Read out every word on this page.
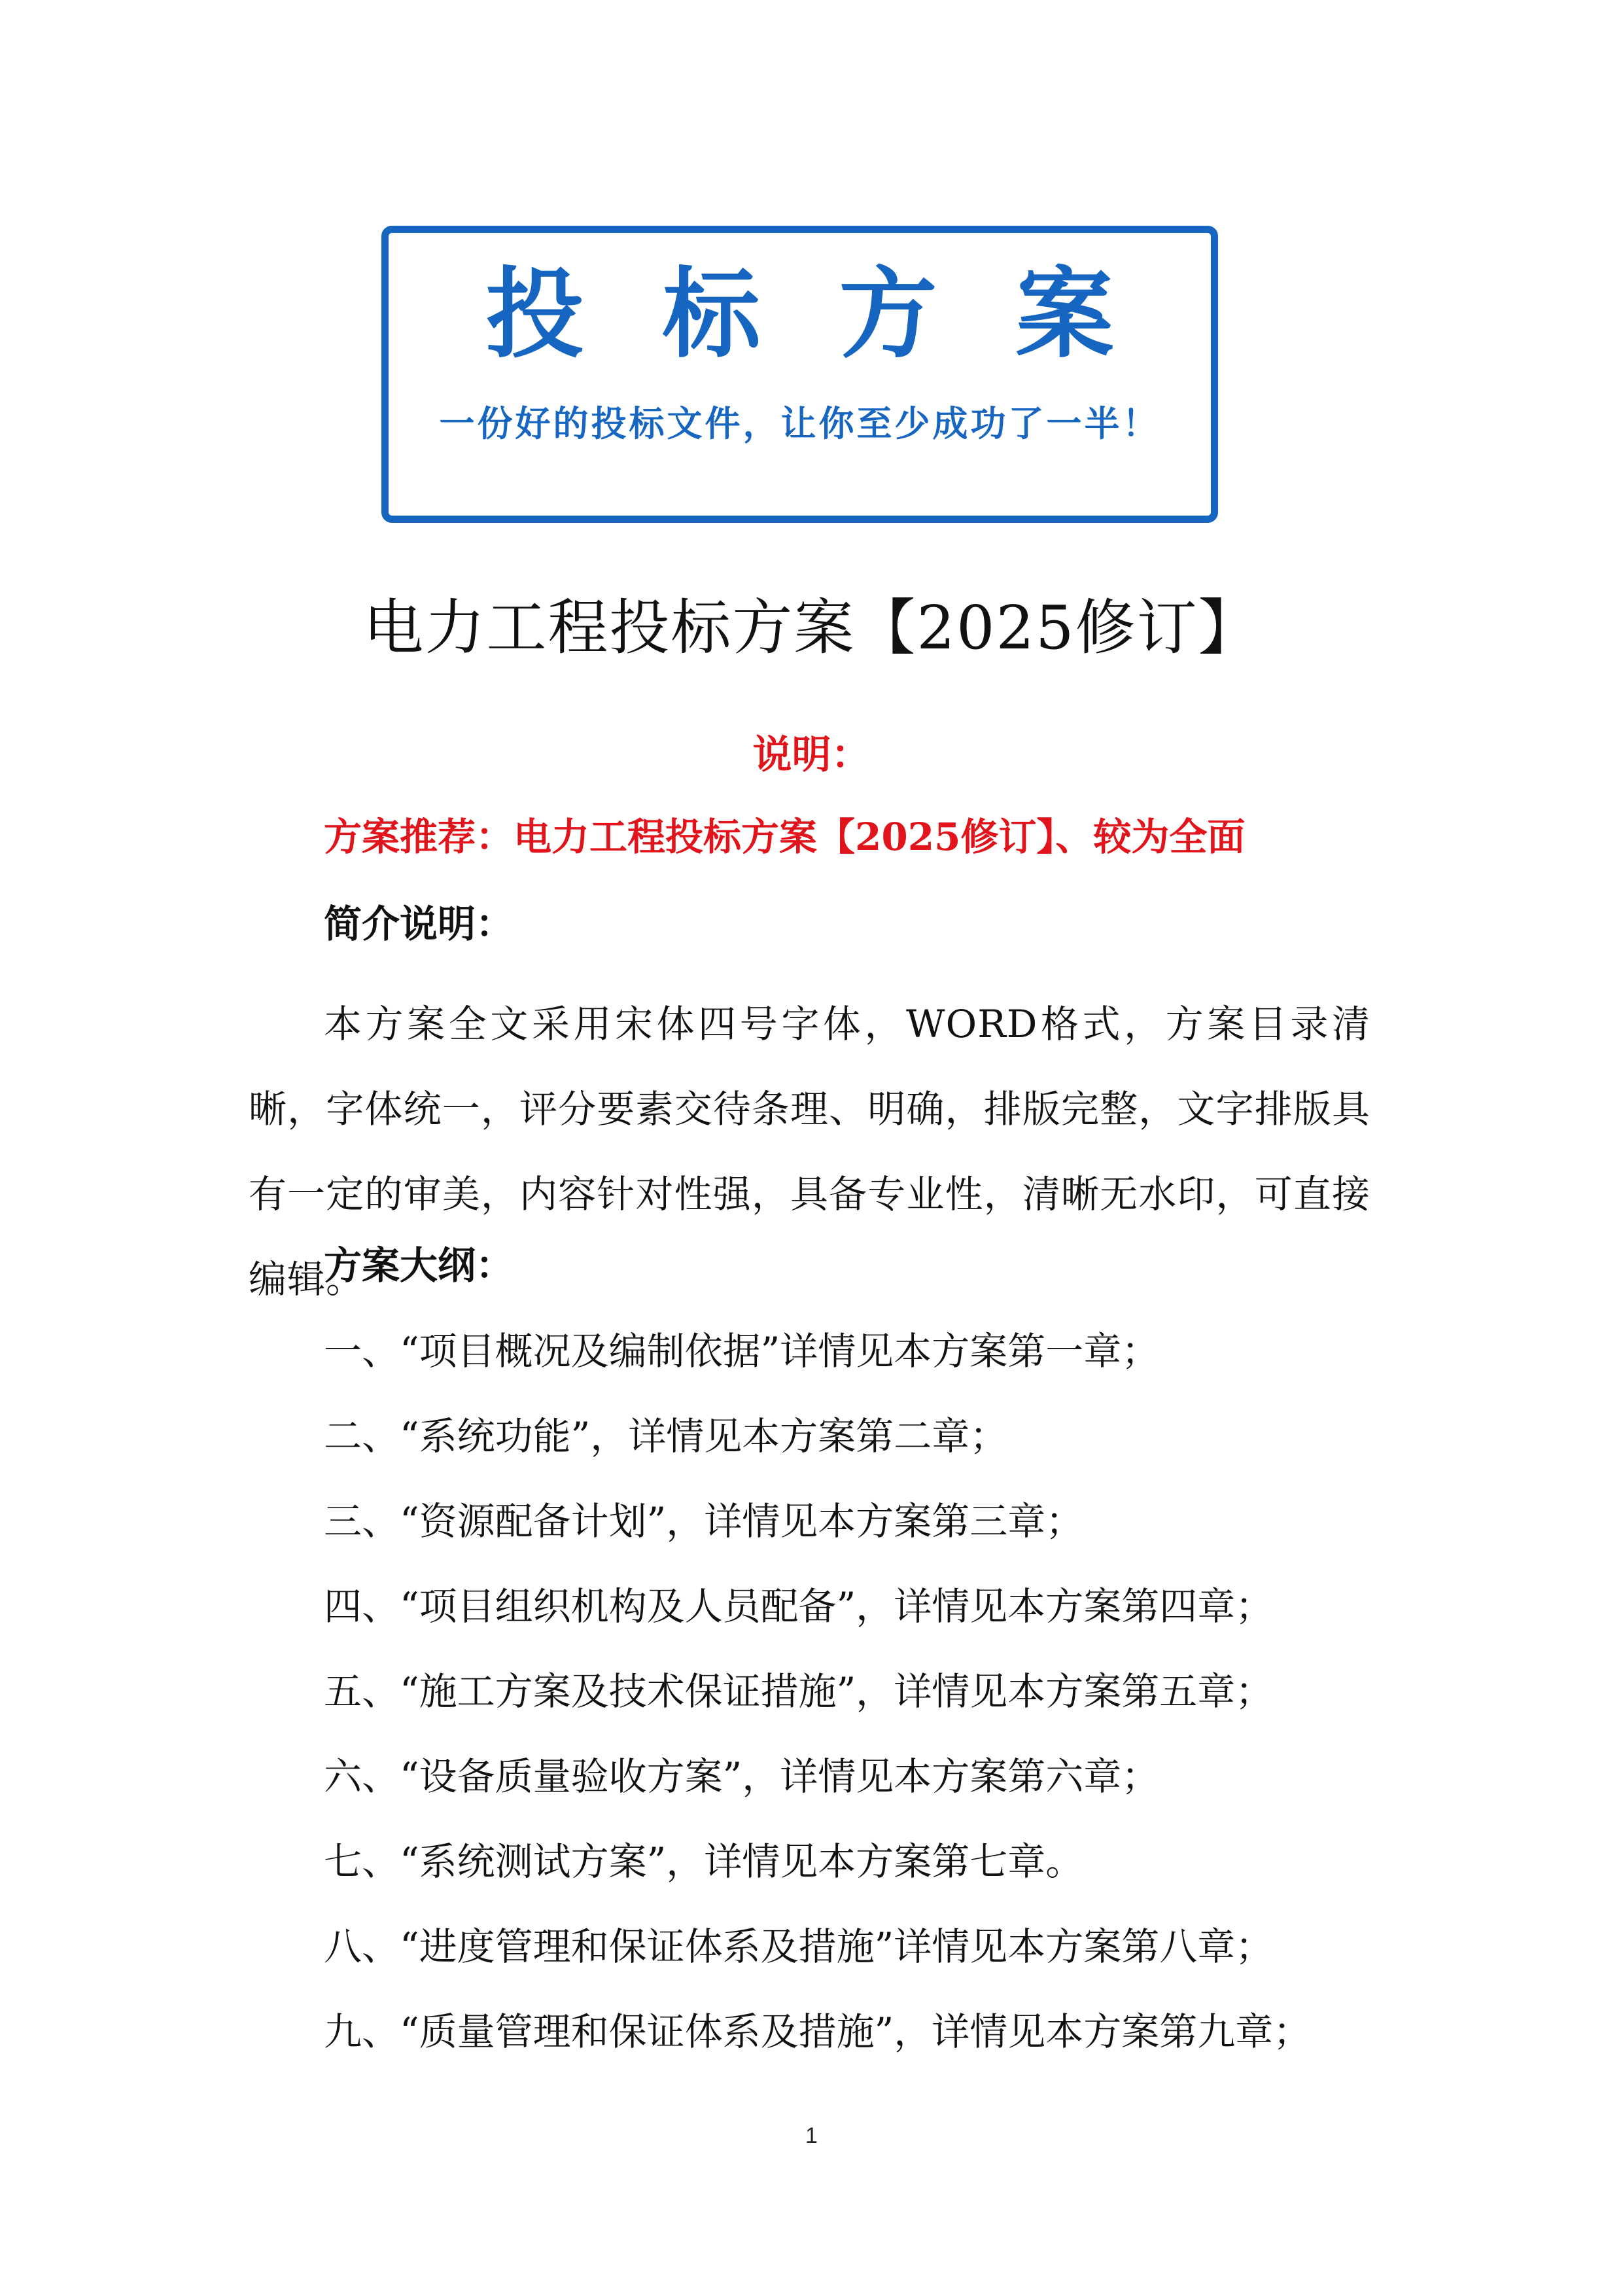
投标方案
一份好的投标文件，让你至少成功了一半！
电力工程投标方案【2025修订】
说明：
方案推荐：电力工程投标方案【2025修订】、较为全面
简介说明：
本方案全文采用宋体四号字体，WORD格式，方案目录清晰，字体统一，评分要素交待条理、明确，排版完整，文字排版具有一定的审美，内容针对性强，具备专业性，清晰无水印，可直接编辑。
方案大纲：
一、“项目概况及编制依据”详情见本方案第一章；
二、“系统功能”，详情见本方案第二章；
三、“资源配备计划”，详情见本方案第三章；
四、“项目组织机构及人员配备”，详情见本方案第四章；
五、“施工方案及技术保证措施”，详情见本方案第五章；
六、“设备质量验收方案”，详情见本方案第六章；
七、“系统测试方案”，详情见本方案第七章。
八、“进度管理和保证体系及措施”详情见本方案第八章；
九、“质量管理和保证体系及措施”，详情见本方案第九章；
1
